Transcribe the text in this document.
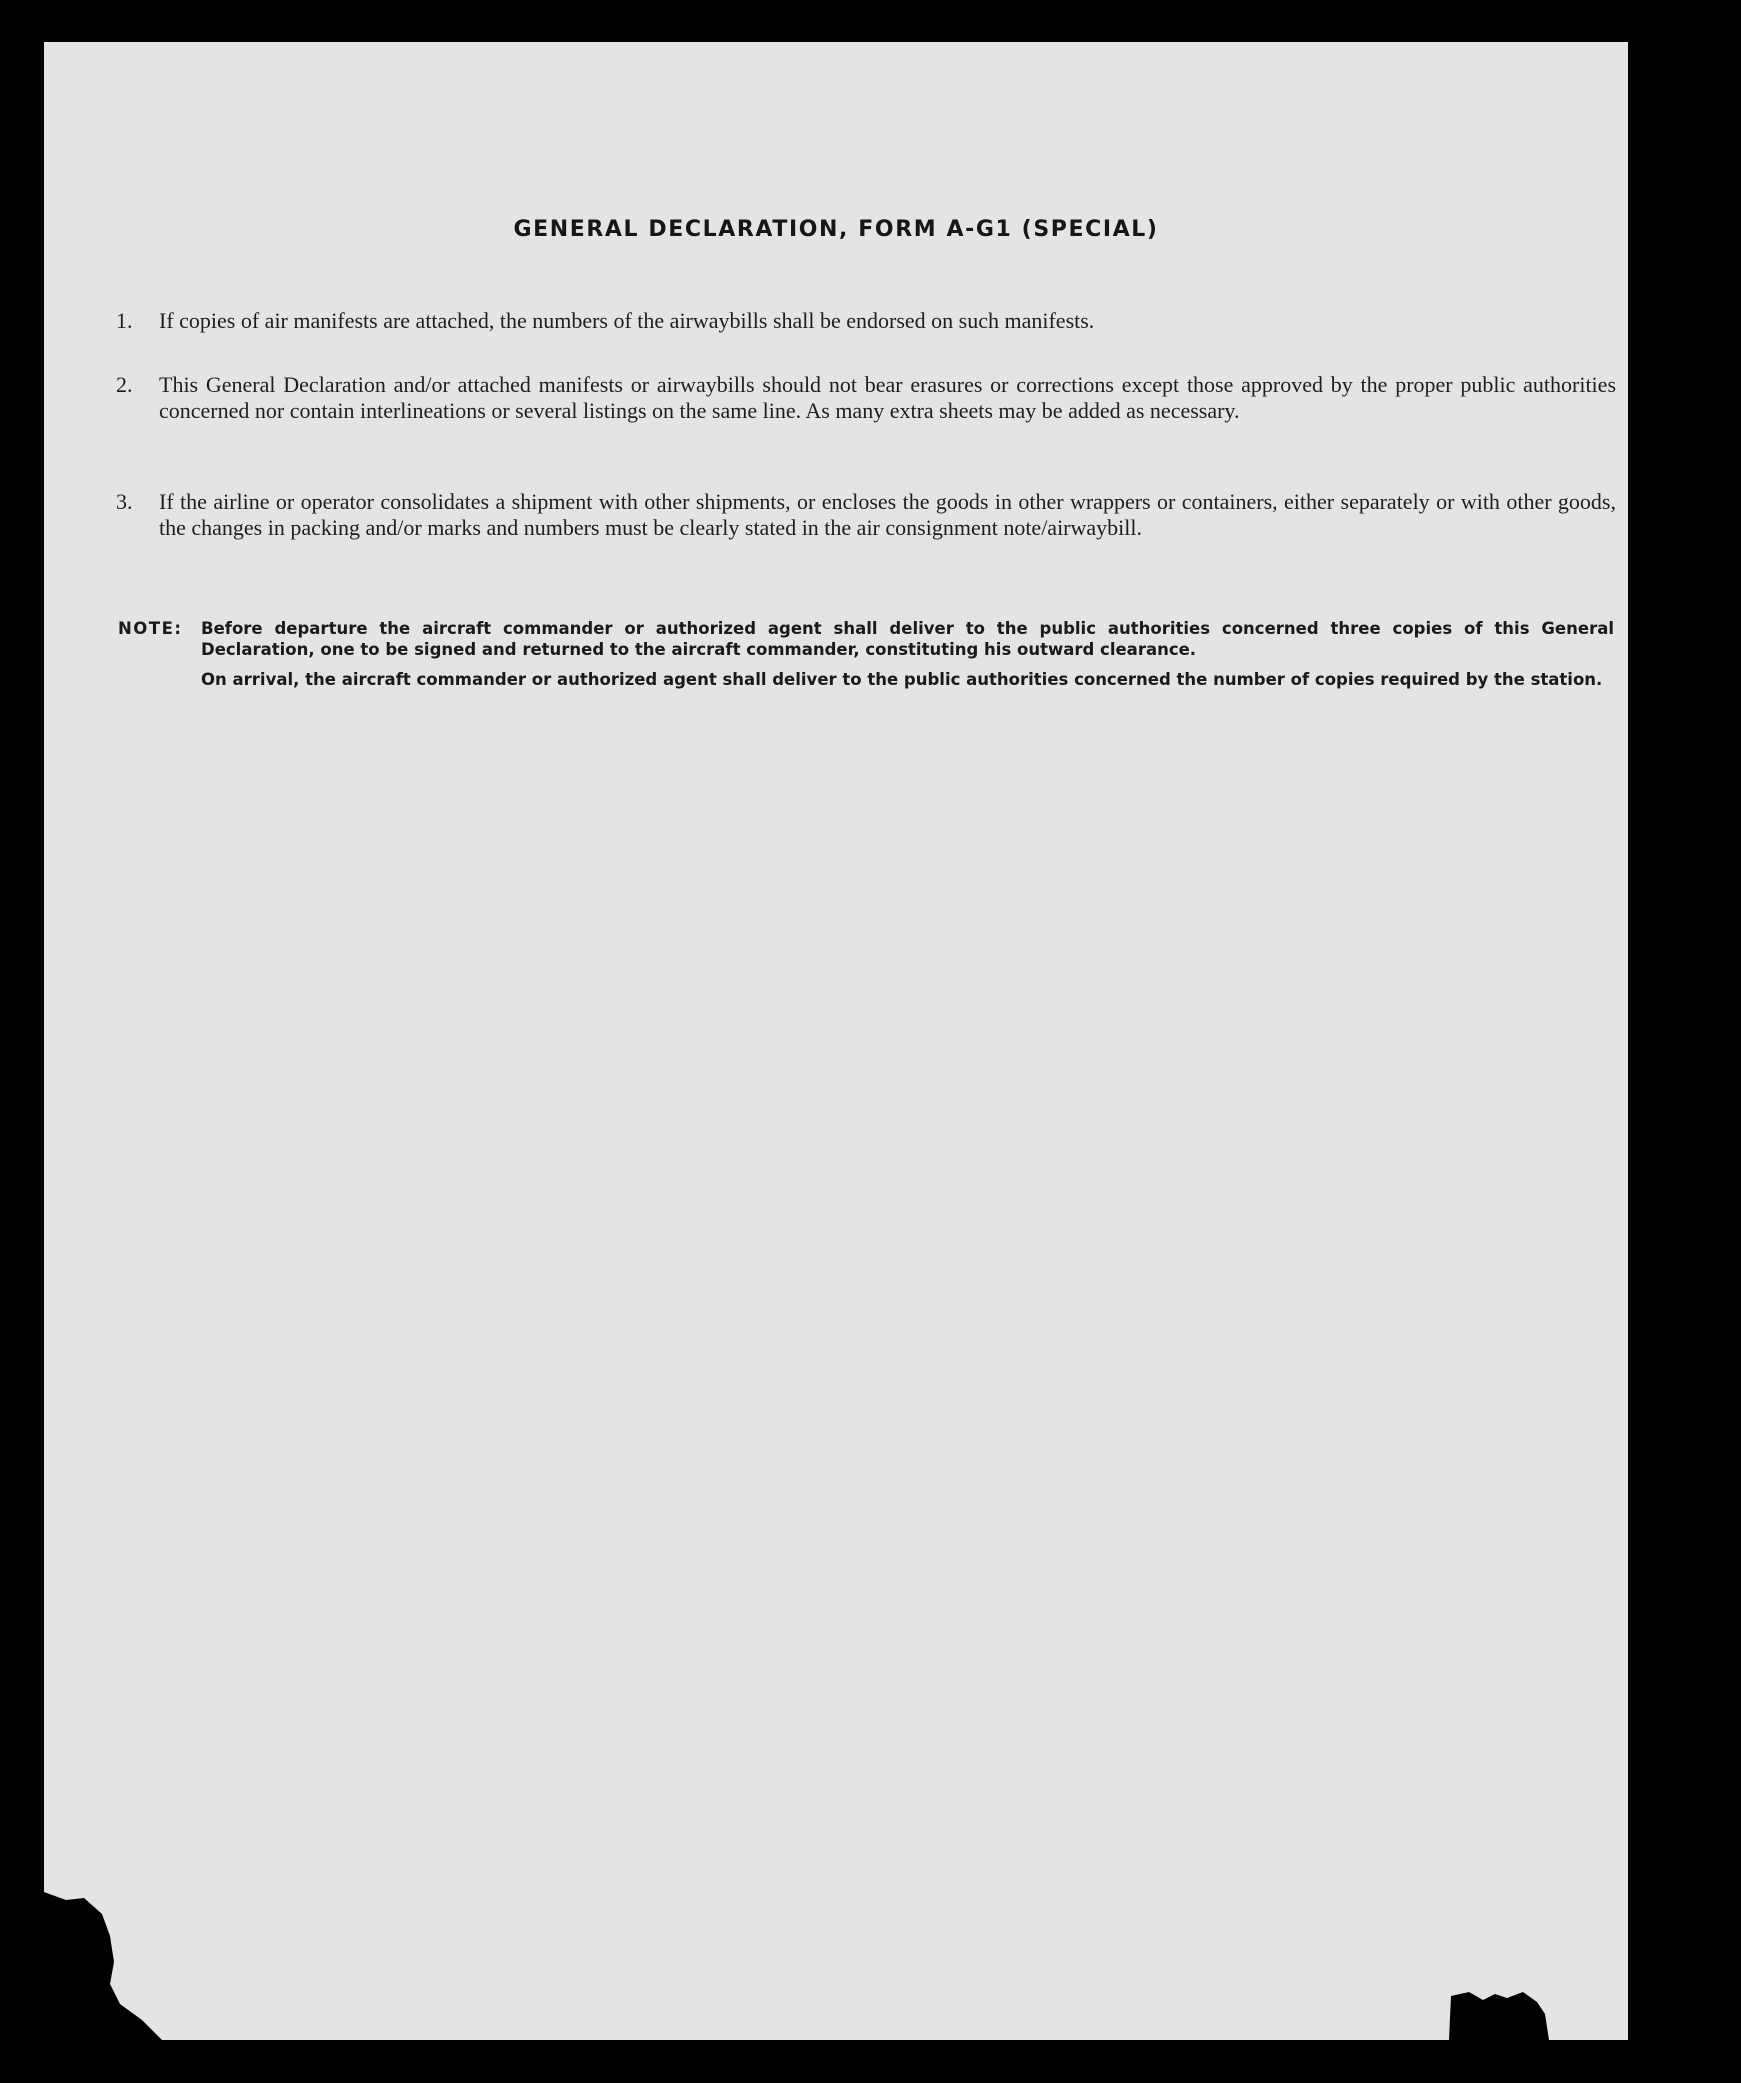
GENERAL DECLARATION, FORM A-G1 (SPECIAL)
1. If copies of air manifests are attached, the numbers of the airwaybills shall be endorsed on such manifests.
2. This General Declaration and/or attached manifests or airwaybills should not bear erasures or corrections except those approved by the proper public authorities concerned nor contain interlineations or several listings on the same line. As many extra sheets may be added as necessary.
3. If the airline or operator consolidates a shipment with other shipments, or encloses the goods in other wrappers or containers, either separately or with other goods, the changes in packing and/or marks and numbers must be clearly stated in the air consignment note/airwaybill.
NOTE: Before departure the aircraft commander or authorized agent shall deliver to the public authorities concerned three copies of this General Declaration, one to be signed and returned to the aircraft commander, constituting his outward clearance.
On arrival, the aircraft commander or authorized agent shall deliver to the public authorities concerned the number of copies required by the station.
